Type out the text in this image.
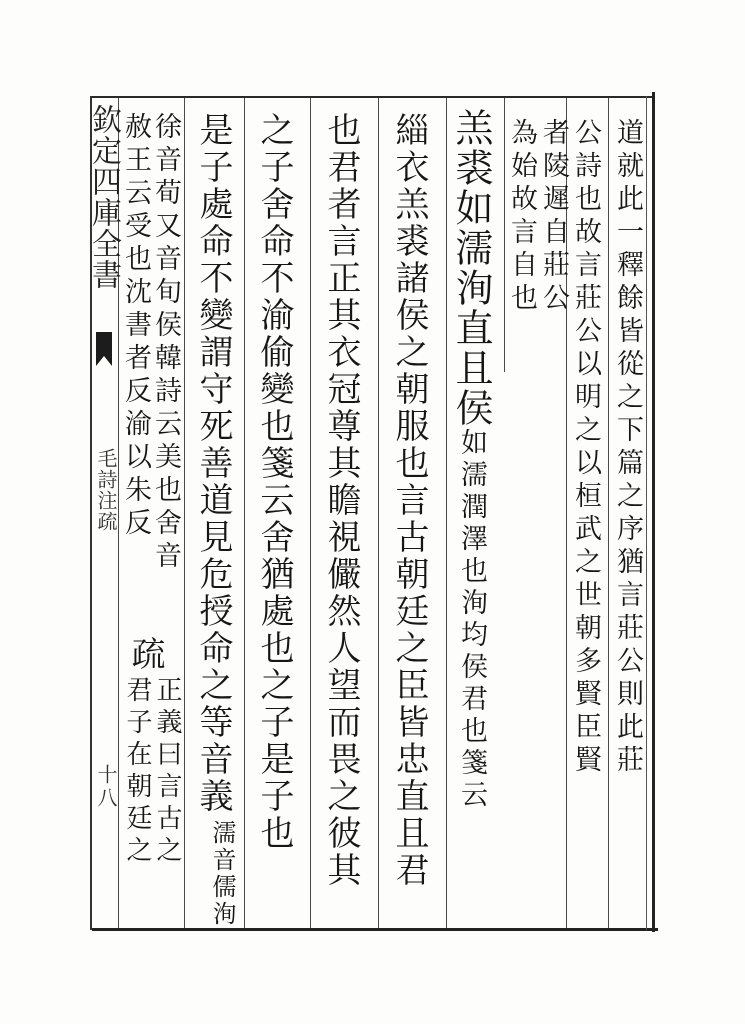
欽定四庫全書
毛詩注疏
十八
道就此一釋餘皆從之下篇之序猶言莊公則此莊
公詩也故言莊公以明之以桓武之世朝多賢臣賢
者陵遲自莊公
為始故言自也
羔裘如濡洵直且侯如濡潤澤也洵均侯君也箋云
緇衣羔裘諸侯之朝服也言古朝廷之臣皆忠直且君
也君者言正其衣冠尊其瞻視儼然人望而畏之彼其
之子舍命不渝偷變也箋云舍猶處也之子是子也
是子處命不變謂守死善道見危授命之等音義
濡音儒洵
徐音荀又音旬侯韓詩云美也舍音
赦王云受也沈書者反渝以朱反
疏
正義曰言古之
君子在朝廷之
